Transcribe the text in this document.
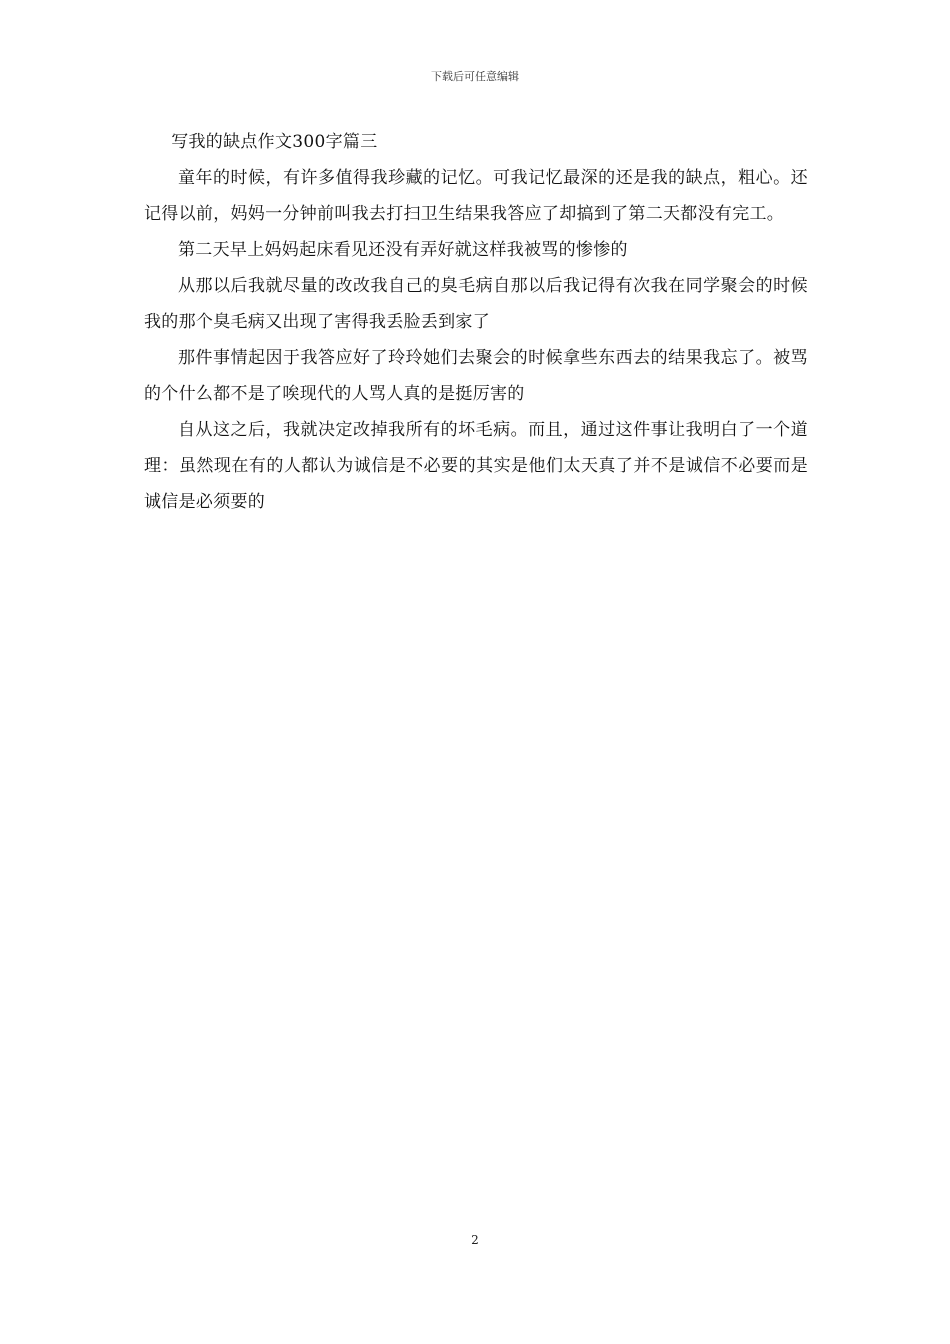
下载后可任意编辑

写我的缺点作文300字篇三

童年的时候，有许多值得我珍藏的记忆。可我记忆最深的还是我的缺点，粗心。还记得以前，妈妈一分钟前叫我去打扫卫生结果我答应了却搞到了第二天都没有完工。

第二天早上妈妈起床看见还没有弄好就这样我被骂的惨惨的

从那以后我就尽量的改改我自己的臭毛病自那以后我记得有次我在同学聚会的时候我的那个臭毛病又出现了害得我丢脸丢到家了

那件事情起因于我答应好了玲玲她们去聚会的时候拿些东西去的结果我忘了。被骂的个什么都不是了唉现代的人骂人真的是挺厉害的

自从这之后，我就决定改掉我所有的坏毛病。而且，通过这件事让我明白了一个道理：虽然现在有的人都认为诚信是不必要的其实是他们太天真了并不是诚信不必要而是诚信是必须要的

2
